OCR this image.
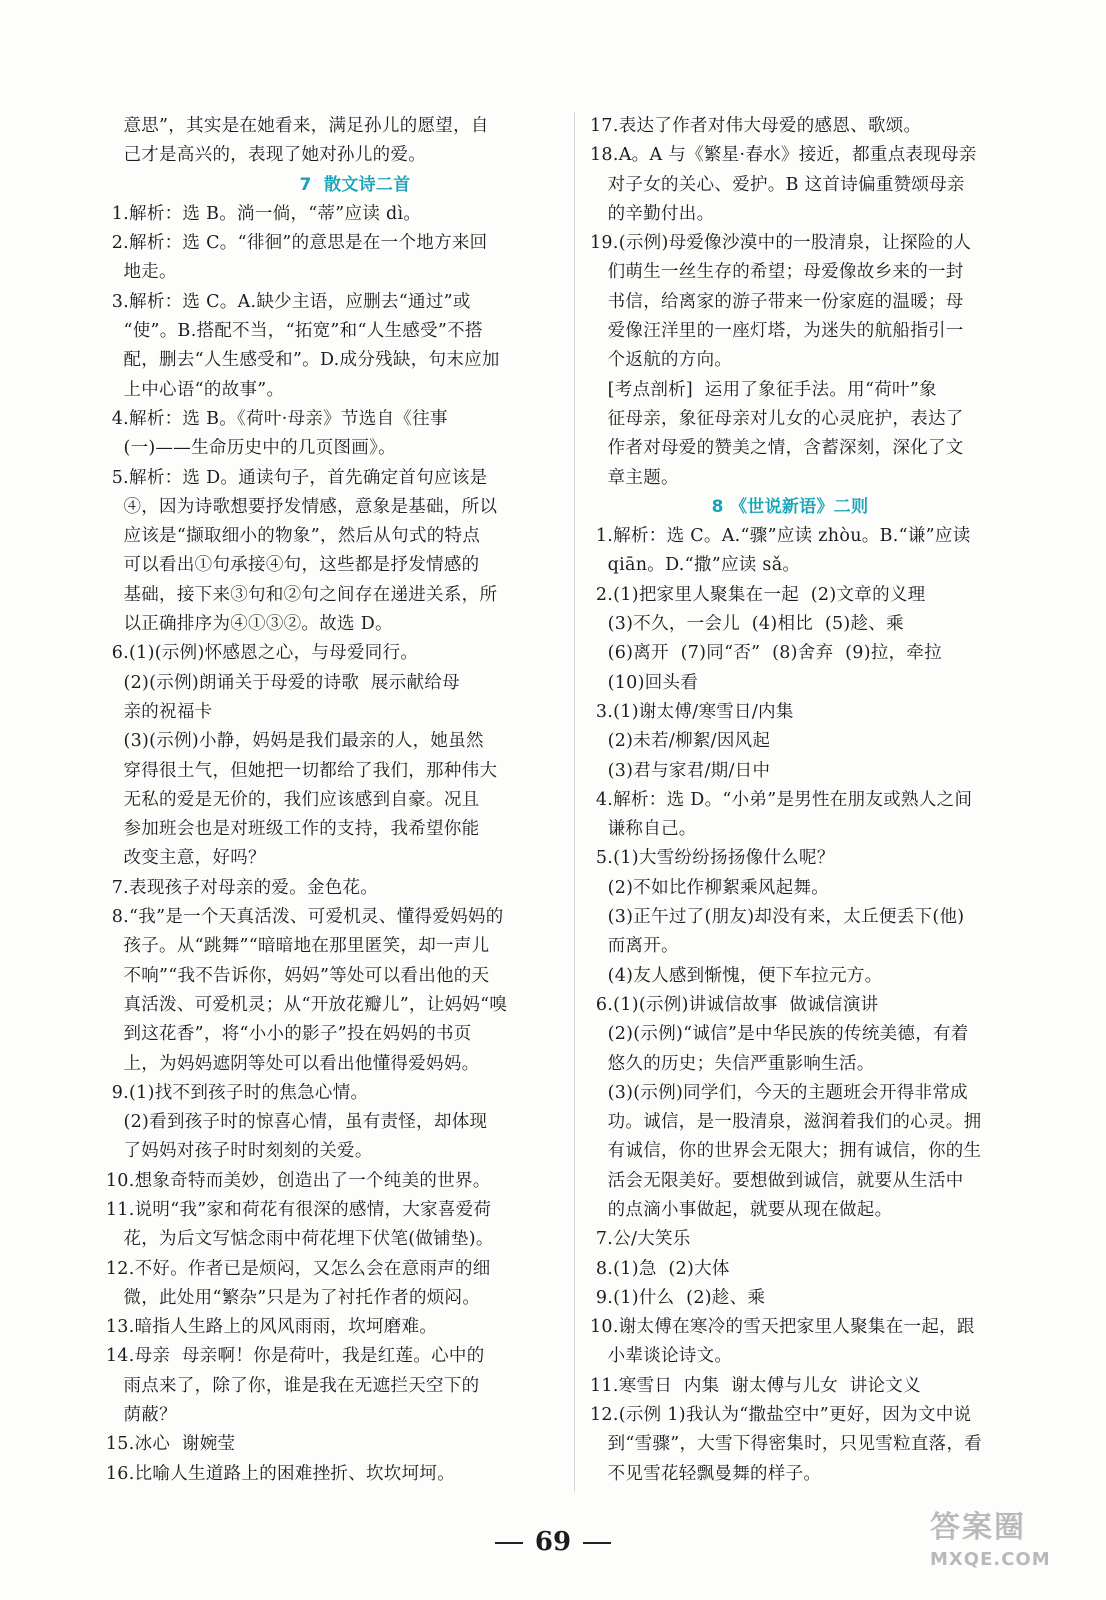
意思”，其实是在她看来，满足孙儿的愿望，自

己才是高兴的，表现了她对孙儿的爱。

7  散文诗二首

1.解析：选 B。淌一倘，“蒂”应读 dì。

2.解析：选 C。“徘徊”的意思是在一个地方来回

地走。

3.解析：选 C。A.缺少主语，应删去“通过”或

“使”。B.搭配不当，“拓宽”和“人生感受”不搭

配，删去“人生感受和”。D.成分残缺，句末应加

上中心语“的故事”。

4.解析：选 B。《荷叶·母亲》节选自《往事

(一)——生命历史中的几页图画》。

5.解析：选 D。通读句子，首先确定首句应该是

④，因为诗歌想要抒发情感，意象是基础，所以

应该是“撷取细小的物象”，然后从句式的特点

可以看出①句承接④句，这些都是抒发情感的

基础，接下来③句和②句之间存在递进关系，所

以正确排序为④①③②。故选 D。

6.(1)(示例)怀感恩之心，与母爱同行。

(2)(示例)朗诵关于母爱的诗歌  展示献给母

亲的祝福卡

(3)(示例)小静，妈妈是我们最亲的人，她虽然

穿得很土气，但她把一切都给了我们，那种伟大

无私的爱是无价的，我们应该感到自豪。况且

参加班会也是对班级工作的支持，我希望你能

改变主意，好吗？

7.表现孩子对母亲的爱。金色花。

8.“我”是一个天真活泼、可爱机灵、懂得爱妈妈的

孩子。从“跳舞”“暗暗地在那里匿笑，却一声儿

不响”“我不告诉你，妈妈”等处可以看出他的天

真活泼、可爱机灵；从“开放花瓣儿”，让妈妈“嗅

到这花香”，将“小小的影子”投在妈妈的书页

上，为妈妈遮阴等处可以看出他懂得爱妈妈。

9.(1)找不到孩子时的焦急心情。

(2)看到孩子时的惊喜心情，虽有责怪，却体现

了妈妈对孩子时时刻刻的关爱。

10.想象奇特而美妙，创造出了一个纯美的世界。

11.说明“我”家和荷花有很深的感情，大家喜爱荷

花，为后文写惦念雨中荷花埋下伏笔(做铺垫)。

12.不好。作者已是烦闷，又怎么会在意雨声的细

微，此处用“繁杂”只是为了衬托作者的烦闷。

13.暗指人生路上的风风雨雨，坎坷磨难。

14.母亲  母亲啊！你是荷叶，我是红莲。心中的

雨点来了，除了你，谁是我在无遮拦天空下的

荫蔽？

15.冰心  谢婉莹

16.比喻人生道路上的困难挫折、坎坎坷坷。

17.表达了作者对伟大母爱的感恩、歌颂。

18.A。A 与《繁星·春水》接近，都重点表现母亲

对子女的关心、爱护。B 这首诗偏重赞颂母亲

的辛勤付出。

19.(示例)母爱像沙漠中的一股清泉，让探险的人

们萌生一丝生存的希望；母爱像故乡来的一封

书信，给离家的游子带来一份家庭的温暖；母

爱像汪洋里的一座灯塔，为迷失的航船指引一

个返航的方向。

[考点剖析]  运用了象征手法。用“荷叶”象

征母亲，象征母亲对儿女的心灵庇护，表达了

作者对母爱的赞美之情，含蓄深刻，深化了文

章主题。

8 《世说新语》二则

1.解析：选 C。A.“骤”应读 zhòu。B.“谦”应读

qiān。D.“撒”应读 sǎ。

2.(1)把家里人聚集在一起  (2)文章的义理

(3)不久，一会儿  (4)相比  (5)趁、乘

(6)离开  (7)同“否”  (8)舍弃  (9)拉，牵拉

(10)回头看

3.(1)谢太傅/寒雪日/内集

(2)未若/柳絮/因风起

(3)君与家君/期/日中

4.解析：选 D。“小弟”是男性在朋友或熟人之间

谦称自己。

5.(1)大雪纷纷扬扬像什么呢？

(2)不如比作柳絮乘风起舞。

(3)正午过了(朋友)却没有来，太丘便丢下(他)

而离开。

(4)友人感到惭愧，便下车拉元方。

6.(1)(示例)讲诚信故事  做诚信演讲

(2)(示例)“诚信”是中华民族的传统美德，有着

悠久的历史；失信严重影响生活。

(3)(示例)同学们，今天的主题班会开得非常成

功。诚信，是一股清泉，滋润着我们的心灵。拥

有诚信，你的世界会无限大；拥有诚信，你的生

活会无限美好。要想做到诚信，就要从生活中

的点滴小事做起，就要从现在做起。

7.公/大笑乐

8.(1)急  (2)大体

9.(1)什么  (2)趁、乘

10.谢太傅在寒冷的雪天把家里人聚集在一起，跟

小辈谈论诗文。

11.寒雪日  内集  谢太傅与儿女  讲论文义

12.(示例 1)我认为“撒盐空中”更好，因为文中说

到“雪骤”，大雪下得密集时，只见雪粒直落，看

不见雪花轻飘曼舞的样子。

69	答案圈
MXQE.COM
